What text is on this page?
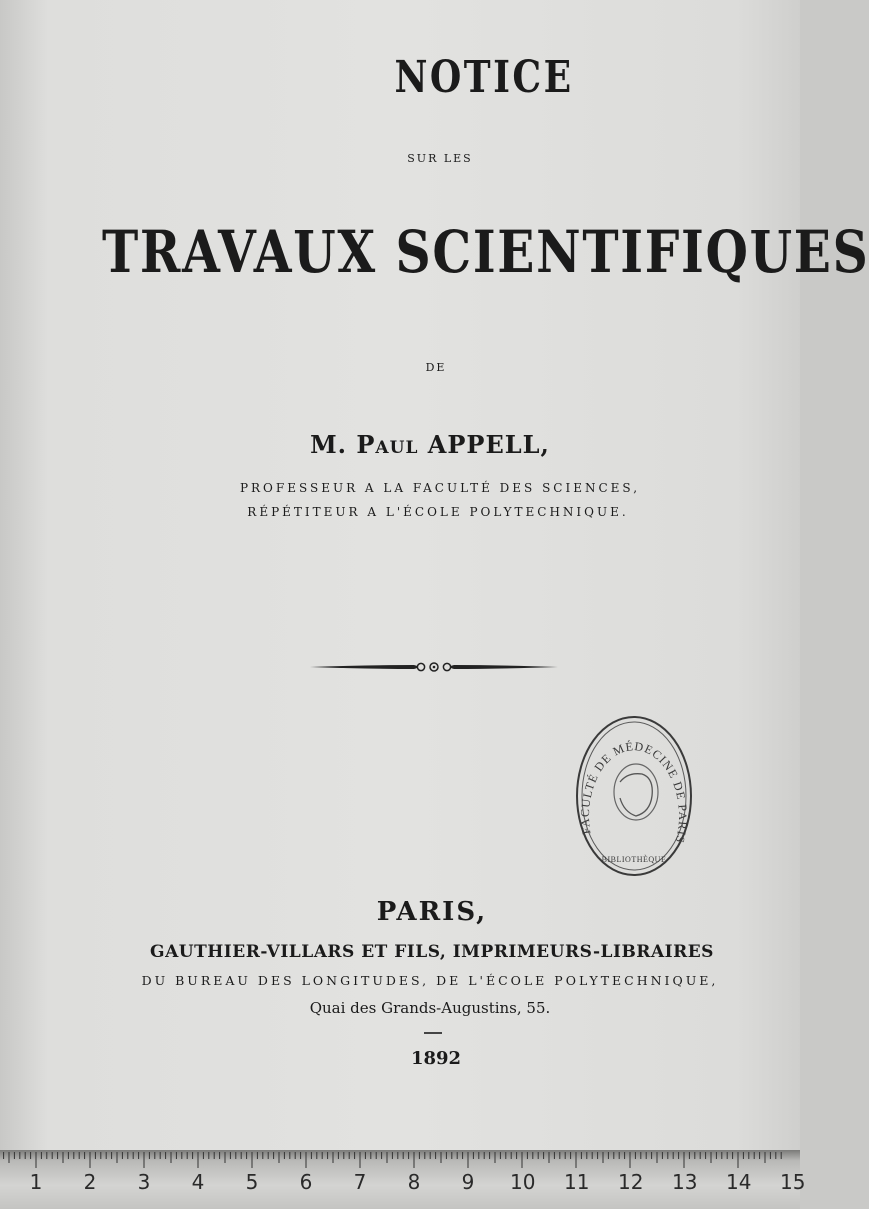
NOTICE
SUR LES
TRAVAUX SCIENTIFIQUES
DE
M. Paul APPELL,
PROFESSEUR A LA FACULTÉ DES SCIENCES,
RÉPÉTITEUR A L'ÉCOLE POLYTECHNIQUE.
FACULTÉ DE MÉDECINE DE PARIS
BIBLIOTHÈQUE
PARIS,
GAUTHIER-VILLARS ET FILS, IMPRIMEURS-LIBRAIRES
DU BUREAU DES LONGITUDES, DE L'ÉCOLE POLYTECHNIQUE,
Quai des Grands-Augustins, 55.
1892
1 2 3 4 5 6 7 8 9 10 11 12 13 14 15
